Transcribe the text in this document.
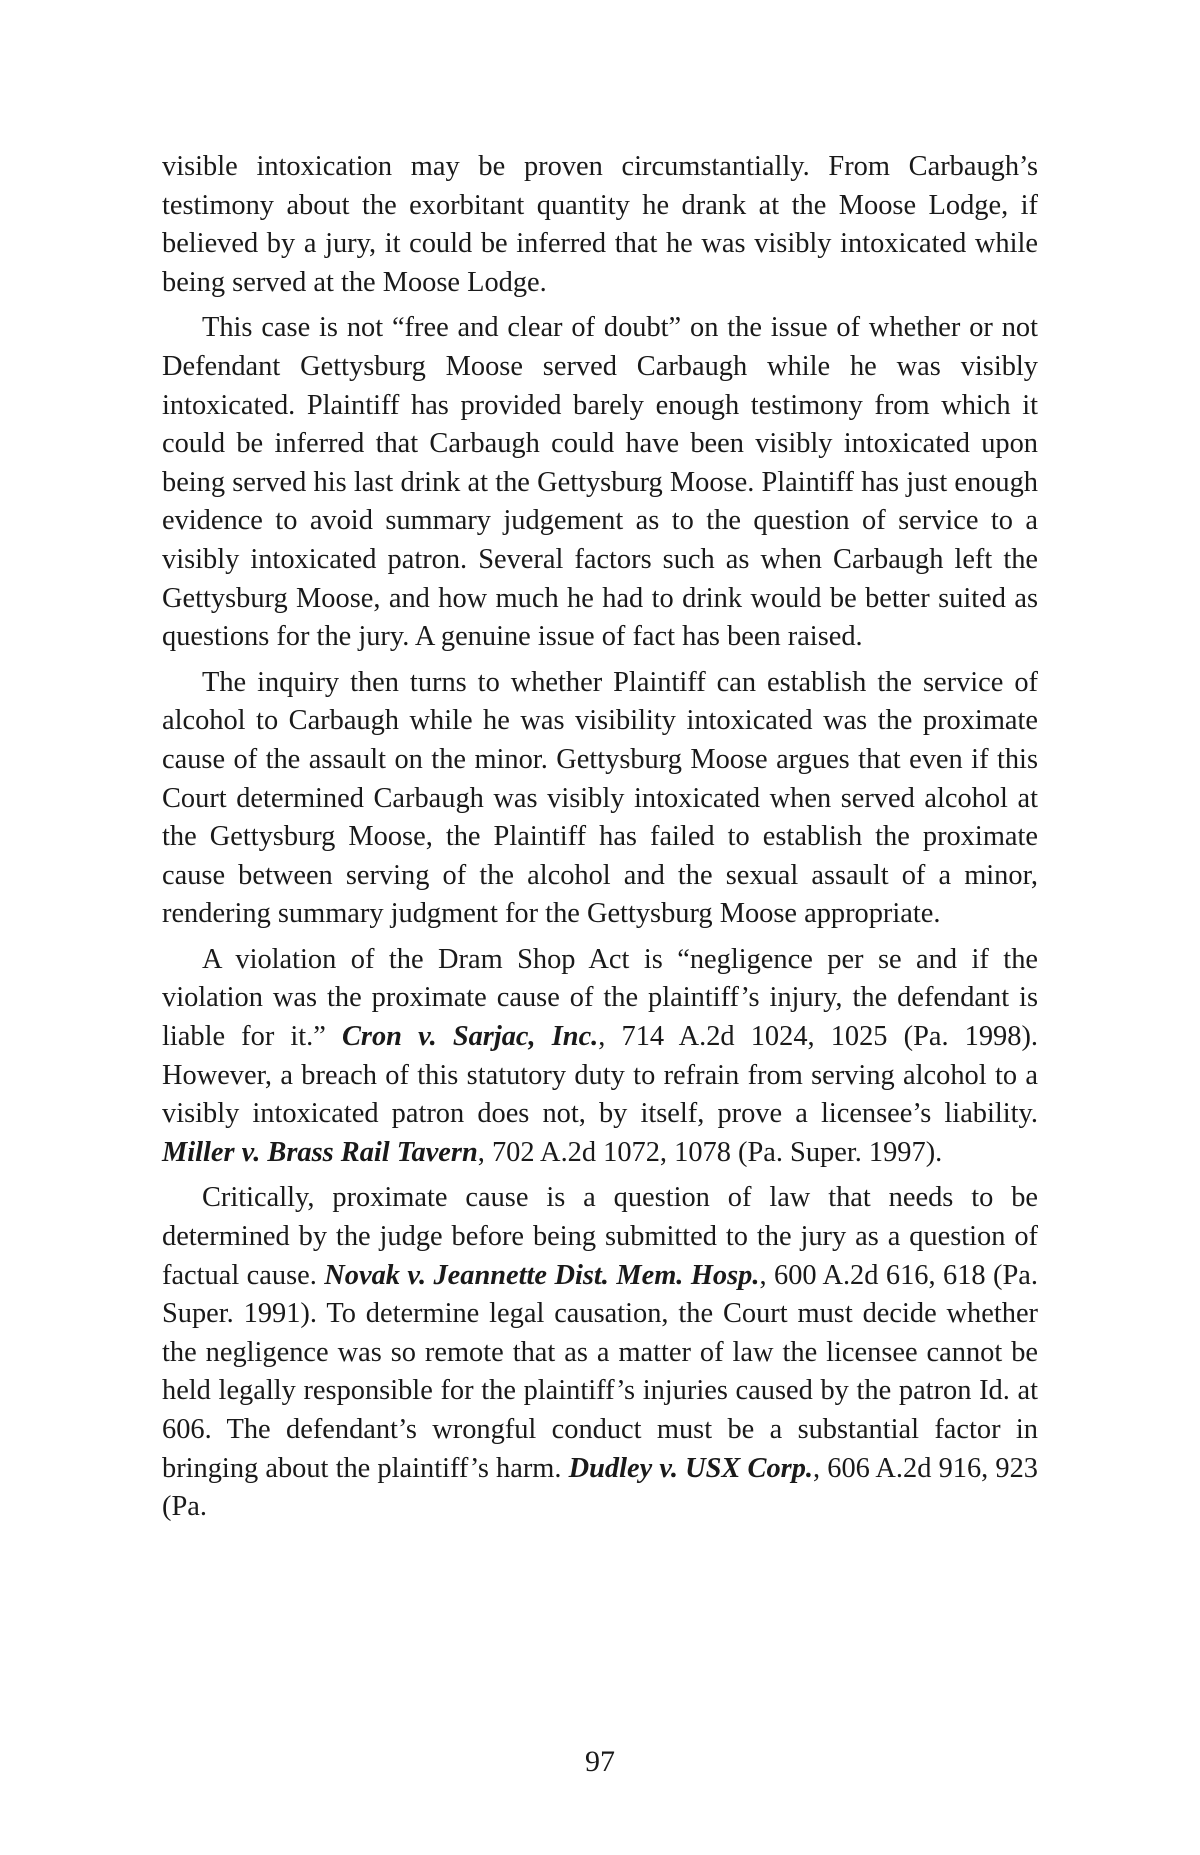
visible intoxication may be proven circumstantially. From Carbaugh’s testimony about the exorbitant quantity he drank at the Moose Lodge, if believed by a jury, it could be inferred that he was visibly intoxicated while being served at the Moose Lodge.

This case is not “free and clear of doubt” on the issue of whether or not Defendant Gettysburg Moose served Carbaugh while he was visibly intoxicated. Plaintiff has provided barely enough testimony from which it could be inferred that Carbaugh could have been visibly intoxicated upon being served his last drink at the Gettysburg Moose. Plaintiff has just enough evidence to avoid summary judgement as to the question of service to a visibly intoxicated patron. Several factors such as when Carbaugh left the Gettysburg Moose, and how much he had to drink would be better suited as questions for the jury. A genuine issue of fact has been raised.

The inquiry then turns to whether Plaintiff can establish the service of alcohol to Carbaugh while he was visibility intoxicated was the proximate cause of the assault on the minor. Gettysburg Moose argues that even if this Court determined Carbaugh was visibly intoxicated when served alcohol at the Gettysburg Moose, the Plaintiff has failed to establish the proximate cause between serving of the alcohol and the sexual assault of a minor, rendering summary judgment for the Gettysburg Moose appropriate.

A violation of the Dram Shop Act is “negligence per se and if the violation was the proximate cause of the plaintiff’s injury, the defendant is liable for it.” Cron v. Sarjac, Inc., 714 A.2d 1024, 1025 (Pa. 1998). However, a breach of this statutory duty to refrain from serving alcohol to a visibly intoxicated patron does not, by itself, prove a licensee’s liability. Miller v. Brass Rail Tavern, 702 A.2d 1072, 1078 (Pa. Super. 1997).

Critically, proximate cause is a question of law that needs to be determined by the judge before being submitted to the jury as a question of factual cause. Novak v. Jeannette Dist. Mem. Hosp., 600 A.2d 616, 618 (Pa. Super. 1991). To determine legal causation, the Court must decide whether the negligence was so remote that as a matter of law the licensee cannot be held legally responsible for the plaintiff’s injuries caused by the patron Id. at 606. The defendant’s wrongful conduct must be a substantial factor in bringing about the plaintiff’s harm. Dudley v. USX Corp., 606 A.2d 916, 923 (Pa.

97
